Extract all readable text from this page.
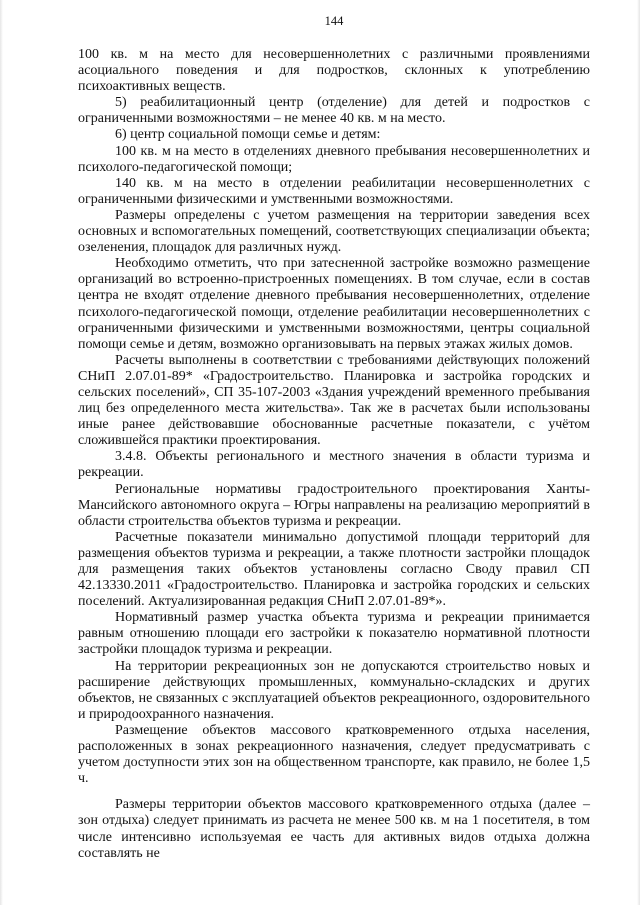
144

100 кв. м на место для несовершеннолетних с различными проявлениями асоциального поведения и для подростков, склонных к употреблению психоактивных веществ.

5) реабилитационный центр (отделение) для детей и подростков с ограниченными возможностями – не менее 40 кв. м на место.

6) центр социальной помощи семье и детям:

100 кв. м на место в отделениях дневного пребывания несовершеннолетних и психолого-педагогической помощи;

140 кв. м на место в отделении реабилитации несовершеннолетних с ограниченными физическими и умственными возможностями.

Размеры определены с учетом размещения на территории заведения всех основных и вспомогательных помещений, соответствующих специализации объекта; озеленения, площадок для различных нужд.

Необходимо отметить, что при затесненной застройке возможно размещение организаций во встроенно-пристроенных помещениях. В том случае, если в состав центра не входят отделение дневного пребывания несовершеннолетних, отделение психолого-педагогической помощи, отделение реабилитации несовершеннолетних с ограниченными физическими и умственными возможностями, центры социальной помощи семье и детям, возможно организовывать на первых этажах жилых домов.

Расчеты выполнены в соответствии с требованиями действующих положений СНиП 2.07.01-89* «Градостроительство. Планировка и застройка городских и сельских поселений», СП 35-107-2003 «Здания учреждений временного пребывания лиц без определенного места жительства». Так же в расчетах были использованы иные ранее действовавшие обоснованные расчетные показатели, с учётом сложившейся практики проектирования.

3.4.8. Объекты регионального и местного значения в области туризма и рекреации.

Региональные нормативы градостроительного проектирования Ханты-Мансийского автономного округа – Югры направлены на реализацию мероприятий в области строительства объектов туризма и рекреации.

Расчетные показатели минимально допустимой площади территорий для размещения объектов туризма и рекреации, а также плотности застройки площадок для размещения таких объектов установлены согласно Своду правил СП 42.13330.2011 «Градостроительство. Планировка и застройка городских и сельских поселений. Актуализированная редакция СНиП 2.07.01-89*».

Нормативный размер участка объекта туризма и рекреации принимается равным отношению площади его застройки к показателю нормативной плотности застройки площадок туризма и рекреации.

На территории рекреационных зон не допускаются строительство новых и расширение действующих промышленных, коммунально-складских и других объектов, не связанных с эксплуатацией объектов рекреационного, оздоровительного и природоохранного назначения.

Размещение объектов массового кратковременного отдыха населения, расположенных в зонах рекреационного назначения, следует предусматривать с учетом доступности этих зон на общественном транспорте, как правило, не более 1,5 ч.

Размеры территории объектов массового кратковременного отдыха (далее – зон отдыха) следует принимать из расчета не менее 500 кв. м на 1 посетителя, в том числе интенсивно используемая ее часть для активных видов отдыха должна составлять не
